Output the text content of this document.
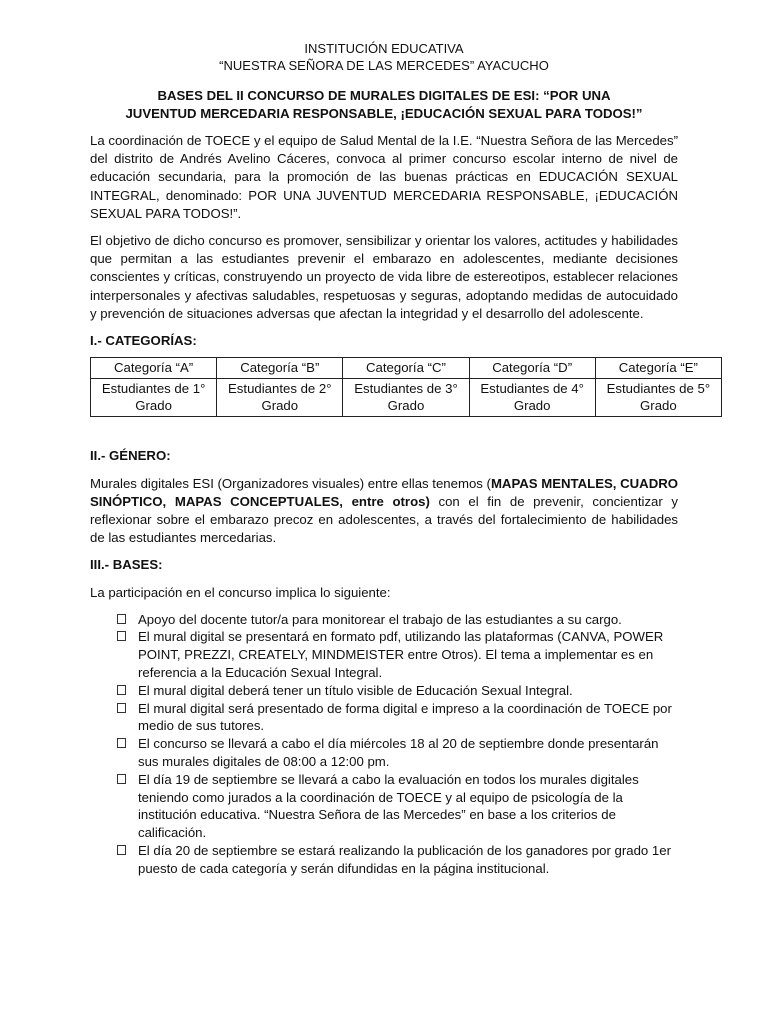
INSTITUCIÓN EDUCATIVA

“NUESTRA SEÑORA DE LAS MERCEDES” AYACUCHO

BASES DEL II CONCURSO DE MURALES DIGITALES DE ESI: “POR UNA JUVENTUD MERCEDARIA RESPONSABLE, ¡EDUCACIÓN SEXUAL PARA TODOS!”

La coordinación de TOECE y el equipo de Salud Mental de la I.E. “Nuestra Señora de las Mercedes” del distrito de Andrés Avelino Cáceres, convoca al primer concurso escolar interno de nivel de educación secundaria, para la promoción de las buenas prácticas en EDUCACIÓN SEXUAL INTEGRAL, denominado: POR UNA JUVENTUD MERCEDARIA RESPONSABLE, ¡EDUCACIÓN SEXUAL PARA TODOS!”.

El objetivo de dicho concurso es promover, sensibilizar y orientar los valores, actitudes y habilidades que permitan a las estudiantes prevenir el embarazo en adolescentes, mediante decisiones conscientes y críticas, construyendo un proyecto de vida libre de estereotipos, establecer relaciones interpersonales y afectivas saludables, respetuosas y seguras, adoptando medidas de autocuidado y prevención de situaciones adversas que afectan la integridad y el desarrollo del adolescente.

I.- CATEGORÍAS:
Categoría “A”	Categoría “B”	Categoría “C”	Categoría “D”	Categoría “E”
Estudiantes de 1° Grado	Estudiantes de 2° Grado	Estudiantes de 3° Grado	Estudiantes de 4° Grado	Estudiantes de 5° Grado
II.- GÉNERO:

Murales digitales ESI (Organizadores visuales) entre ellas tenemos (MAPAS MENTALES, CUADRO SINÓPTICO, MAPAS CONCEPTUALES, entre otros) con el fin de prevenir, concientizar y reflexionar sobre el embarazo precoz en adolescentes, a través del fortalecimiento de habilidades de las estudiantes mercedarias.

III.- BASES:

La participación en el concurso implica lo siguiente:

Apoyo del docente tutor/a para monitorear el trabajo de las estudiantes a su cargo.
El mural digital se presentará en formato pdf, utilizando las plataformas (CANVA, POWER POINT, PREZZI, CREATELY, MINDMEISTER entre Otros). El tema a implementar es en referencia a la Educación Sexual Integral.
El mural digital deberá tener un título visible de Educación Sexual Integral.
El mural digital será presentado de forma digital e impreso a la coordinación de TOECE por medio de sus tutores.
El concurso se llevará a cabo el día miércoles 18 al 20 de septiembre donde presentarán sus murales digitales de 08:00 a 12:00 pm.
El día 19 de septiembre se llevará a cabo la evaluación en todos los murales digitales teniendo como jurados a la coordinación de TOECE y al equipo de psicología de la institución educativa. “Nuestra Señora de las Mercedes” en base a los criterios de calificación.
El día 20 de septiembre se estará realizando la publicación de los ganadores por grado 1er puesto de cada categoría y serán difundidas en la página institucional.
